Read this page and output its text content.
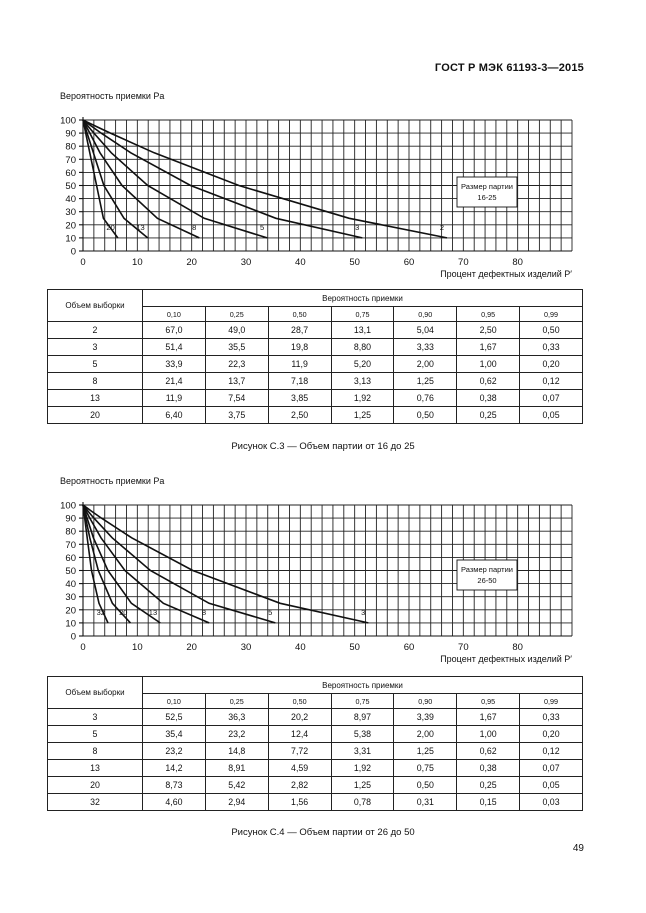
ГОСТ Р МЭК 61193-3—2015
Вероятность приемки Pa
0
10
20
30
40
50
60
70
80
90
100
0	10	20	30	40	50	60	70	80
2
3
5
8
13
20
Размер партии
16-25
Процент дефектных изделий P′
Объем выборки	Вероятность приемки						
	0,10	0,25	0,50	0,75	0,90	0,95	0,99
2	67,0	49,0	28,7	13,1	5,04	2,50	0,50
3	51,4	35,5	19,8	8,80	3,33	1,67	0,33
5	33,9	22,3	11,9	5,20	2,00	1,00	0,20
8	21,4	13,7	7,18	3,13	1,25	0,62	0,12
13	11,9	7,54	3,85	1,92	0,76	0,38	0,07
20	6,40	3,75	2,50	1,25	0,50	0,25	0,05
Рисунок С.3 — Объем партии от 16 до 25
Вероятность приемки Pa
0
10
20
30
40
50
60
70
80
90
100
0	10	20	30	40	50	60	70	80
3
5
8
13
20
32
Размер партии
26-50
Процент дефектных изделий P′
Объем выборки	Вероятность приемки						
	0,10	0,25	0,50	0,75	0,90	0,95	0,99
3	52,5	36,3	20,2	8,97	3,39	1,67	0,33
5	35,4	23,2	12,4	5,38	2,00	1,00	0,20
8	23,2	14,8	7,72	3,31	1,25	0,62	0,12
13	14,2	8,91	4,59	1,92	0,75	0,38	0,07
20	8,73	5,42	2,82	1,25	0,50	0,25	0,05
32	4,60	2,94	1,56	0,78	0,31	0,15	0,03
Рисунок С.4 — Объем партии от 26 до 50
49
